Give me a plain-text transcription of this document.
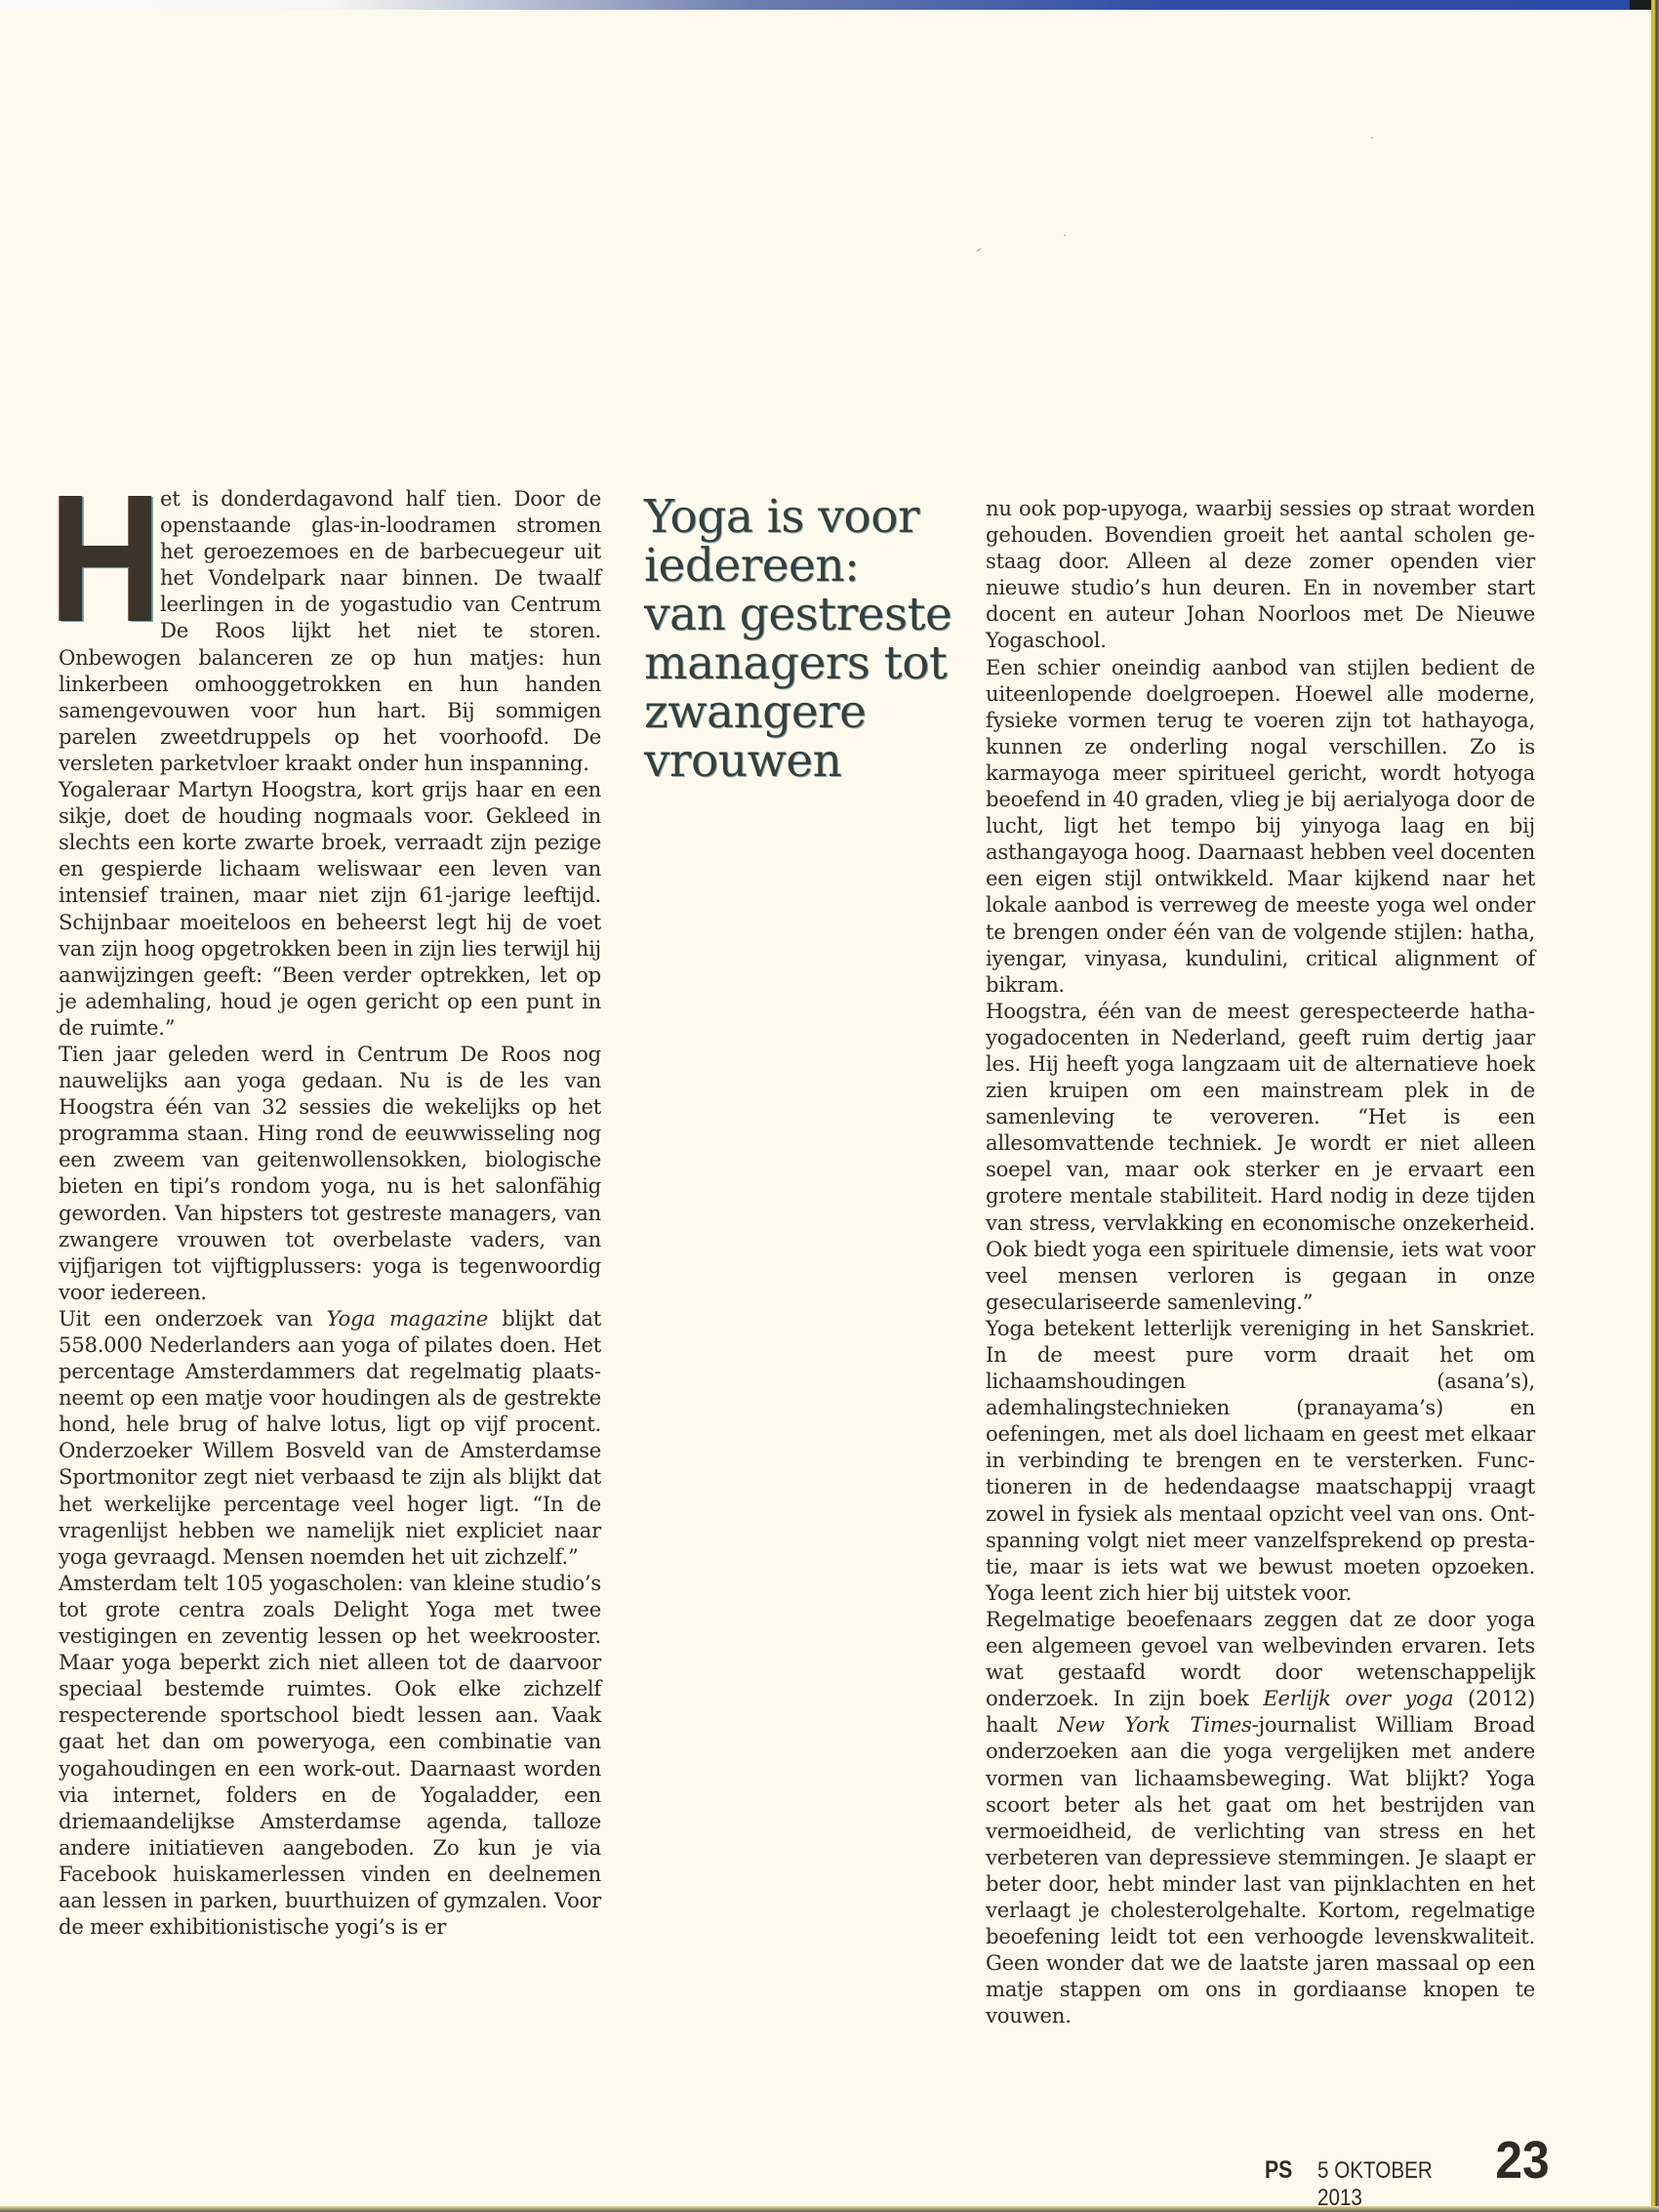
H

et is donderdagavond half tien. Door de openstaande glas-in-loodramen stromen het geroezemoes en de barbecuegeur uit het Vondelpark naar binnen. De twaalf leerlingen in de yogastudio van Centrum De Roos lijkt het niet te storen. Onbewogen balanceren ze op hun matjes: hun linkerbeen omhooggetrokken en hun handen samengevouwen voor hun hart. Bij sommigen parelen zweetdruppels op het voorhoofd. De versleten parketvloer kraakt onder hun inspanning.

Yogaleraar Martyn Hoogstra, kort grijs haar en een sikje, doet de houding nogmaals voor. Gekleed in slechts een korte zwarte broek, verraadt zijn pezige en gespierde lichaam weliswaar een leven van intensief trainen, maar niet zijn 61-jarige leeftijd. Schijnbaar moeiteloos en beheerst legt hij de voet van zijn hoog opgetrokken been in zijn lies terwijl hij aanwijzingen geeft: “Been verder optrekken, let op je ademhaling, houd je ogen gericht op een punt in de ruimte.”

Tien jaar geleden werd in Centrum De Roos nog nauwelijks aan yoga gedaan. Nu is de les van Hoogstra één van 32 sessies die wekelijks op het programma staan. Hing rond de eeuwwisseling nog een zweem van geitenwollensokken, biologische bieten en tipi’s rondom yoga, nu is het salonfähig geworden. Van hipsters tot gestreste managers, van zwangere vrouwen tot overbelaste vaders, van vijfjarigen tot vijftigplussers: yoga is tegenwoordig voor iedereen.

Uit een onderzoek van Yoga magazine blijkt dat 558.000 Nederlanders aan yoga of pilates doen. Het percentage Amsterdammers dat regelmatig plaatsneemt op een matje voor houdingen als de gestrekte hond, hele brug of halve lotus, ligt op vijf procent. Onderzoeker Willem Bosveld van de Amsterdamse Sportmonitor zegt niet verbaasd te zijn als blijkt dat het werkelijke percentage veel hoger ligt. “In de vragenlijst hebben we namelijk niet expliciet naar yoga gevraagd. Mensen noemden het uit zichzelf.”

Amsterdam telt 105 yogascholen: van kleine studio’s tot grote centra zoals Delight Yoga met twee vestigingen en zeventig lessen op het weekrooster. Maar yoga beperkt zich niet alleen tot de daarvoor speciaal bestemde ruimtes. Ook elke zichzelf respecterende sportschool biedt lessen aan. Vaak gaat het dan om poweryoga, een combinatie van yogahoudingen en een work-out. Daarnaast worden via internet, folders en de Yogaladder, een driemaandelijkse Amsterdamse agenda, talloze andere initiatieven aangeboden. Zo kun je via Facebook huiskamerlessen vinden en deelnemen aan lessen in parken, buurthuizen of gymzalen. Voor de meer exhibitionistische yogi’s is er

Yoga is voor
iedereen:
van gestreste
managers tot
zwangere
vrouwen

nu ook pop-upyoga, waarbij sessies op straat worden gehouden. Bovendien groeit het aantal scholen gestaag door. Alleen al deze zomer openden vier nieuwe studio’s hun deuren. En in november start docent en auteur Johan Noorloos met De Nieuwe Yogaschool.

Een schier oneindig aanbod van stijlen bedient de uiteenlopende doelgroepen. Hoewel alle moderne, fysieke vormen terug te voeren zijn tot hathayoga, kunnen ze onderling nogal verschillen. Zo is karmayoga meer spiritueel gericht, wordt hotyoga beoefend in 40 graden, vlieg je bij aerialyoga door de lucht, ligt het tempo bij yinyoga laag en bij asthangayoga hoog. Daarnaast hebben veel docenten een eigen stijl ontwikkeld. Maar kijkend naar het lokale aanbod is verreweg de meeste yoga wel onder te brengen onder één van de volgende stijlen: hatha, iyengar, vinyasa, kundulini, critical alignment of bikram.

Hoogstra, één van de meest gerespecteerde hathayogadocenten in Nederland, geeft ruim dertig jaar les. Hij heeft yoga langzaam uit de alternatieve hoek zien kruipen om een mainstream plek in de samenleving te veroveren. “Het is een allesomvattende techniek. Je wordt er niet alleen soepel van, maar ook sterker en je ervaart een grotere mentale stabiliteit. Hard nodig in deze tijden van stress, vervlakking en economische onzekerheid. Ook biedt yoga een spirituele dimensie, iets wat voor veel mensen verloren is gegaan in onze geseculariseerde samenleving.”

Yoga betekent letterlijk vereniging in het Sanskriet. In de meest pure vorm draait het om lichaamshoudingen (asana’s), ademhalingstechnieken (pranayama’s) en oefeningen, met als doel lichaam en geest met elkaar in verbinding te brengen en te versterken. Functioneren in de hedendaagse maatschappij vraagt zowel in fysiek als mentaal opzicht veel van ons. Ontspanning volgt niet meer vanzelfsprekend op prestatie, maar is iets wat we bewust moeten opzoeken. Yoga leent zich hier bij uitstek voor.

Regelmatige beoefenaars zeggen dat ze door yoga een algemeen gevoel van welbevinden ervaren. Iets wat gestaafd wordt door wetenschappelijk onderzoek. In zijn boek Eerlijk over yoga (2012) haalt New York Times-journalist William Broad onderzoeken aan die yoga vergelijken met andere vormen van lichaamsbeweging. Wat blijkt? Yoga scoort beter als het gaat om het bestrijden van vermoeidheid, de verlichting van stress en het verbeteren van depressieve stemmingen. Je slaapt er beter door, hebt minder last van pijnklachten en het verlaagt je cholesterolgehalte. Kortom, regelmatige beoefening leidt tot een verhoogde levenskwaliteit. Geen wonder dat we de laatste jaren massaal op een matje stappen om ons in gordiaanse knopen te vouwen.

PS 5 OKTOBER 2013
23
